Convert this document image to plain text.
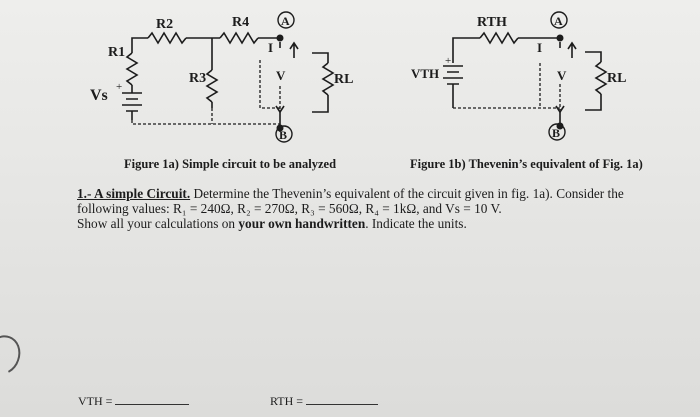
R2	R4
R1
R3
Vs +
I
V	RL
A
B
RTH
VTH
+
I
V	RL
A
B
Figure 1a) Simple circuit to be analyzed	Figure 1b) Thevenin’s equivalent of Fig. 1a)
1.- A simple Circuit. Determine the Thevenin’s equivalent of the circuit given in fig. 1a). Consider the following values: R₁ = 240Ω, R₂ = 270Ω, R₃ = 560Ω, R₄ = 1kΩ, and Vs = 10 V.
Show all your calculations on your own handwritten. Indicate the units.
VTH =	RTH =
